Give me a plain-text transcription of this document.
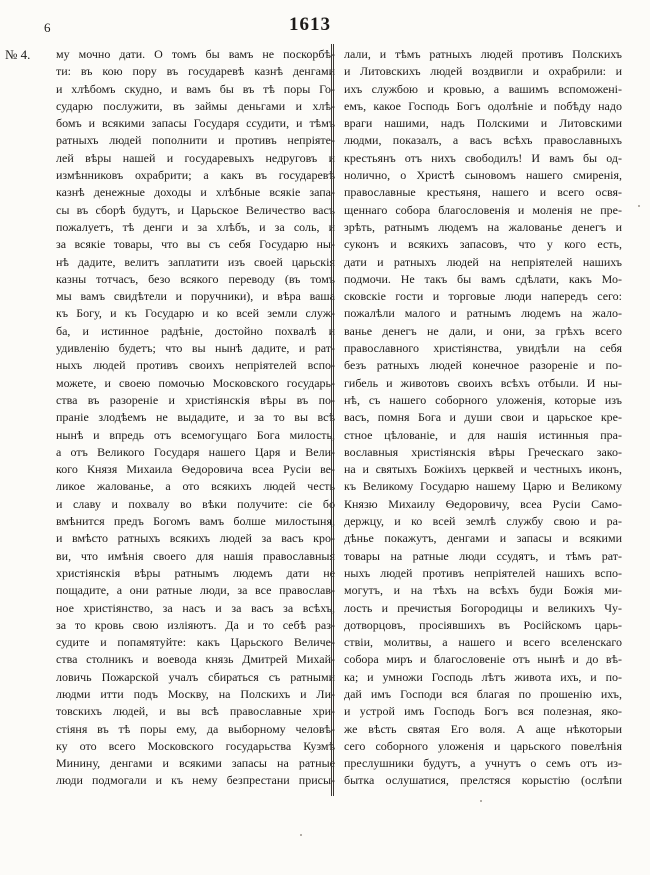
6	1613
№ 4.	му мочно дати. О томъ бы вамъ не поскорбѣ-
ти: въ кою пору въ государевѣ казнѣ денгами
и хлѣбомъ скудно, и вамъ бы въ тѣ поры Го-
сударю послужити, въ займы деньгами и хлѣ-
бомъ и всякими запасы Государя ссудити, и тѣмъ
ратныхъ людей пополнити и противъ непріяте-
лей вѣры нашей и государевыхъ недруговъ и
измѣнниковъ охрабрити; а какъ въ государевѣ
казнѣ денежные доходы и хлѣбные всякіе запа-
сы въ сборѣ будутъ, и Царьское Величество васъ
пожалуетъ, тѣ денги и за хлѣбъ, и за соль, и
за всякіе товары, что вы съ себя Государю ны-
нѣ дадите, велитъ заплатити изъ своей царьскія
казны тотчасъ, безо всякого переводу (въ томъ
мы вамъ свидѣтели и поручники), и вѣра ваша
къ Богу, и къ Государю и ко всей земли служ-
ба, и истинное радѣніе, достойно похвалѣ и
удивленію будетъ; что вы нынѣ дадите, и рат-
ныхъ людей противъ своихъ непріятелей вспо-
можете, и своею помочью Московского государь-
ства въ разореніе и христіянскія вѣры въ по-
праніе злодѣемъ не выдадите, и за то вы всѣ
нынѣ и впредь отъ всемогущаго Бога милость,
а отъ Великого Государя нашего Царя и Вели-
кого Князя Михаила Ѳедоровича всеа Русіи ве-
ликое жалованье, а ото всякихъ людей честь
и славу и похвалу во вѣки получите: сіе бо
вмѣнится предъ Богомъ вамъ болше милостыня,
и вмѣсто ратныхъ всякихъ людей за васъ кро-
ви, что имѣнія своего для нашія православныя
христіянскія вѣры ратнымъ людемъ дати не
пощадите, а они ратные люди, за все православ-
ное христіянство, за насъ и за васъ за всѣхъ,
за то кровь свою изліяютъ. Да и то себѣ раз-
судите и попамятуйте: какъ Царьского Величе-
ства столникъ и воевода князь Дмитрей Михай-
ловичь Пожарской учалъ сбираться съ ратными
людми итти подъ Москву, на Полскихъ и Ли-
товскихъ людей, и вы всѣ православные хри-
стіяня въ тѣ поры ему, да выборному человѣ-
ку ото всего Московского государьства Кузмѣ
Минину, денгами и всякими запасы на ратные
люди подмогали и къ нему безпрестани присы-
лали, и тѣмъ ратныхъ людей противъ Полскихъ
и Литовскихъ людей воздвигли и охрабрили: и
ихъ службою и кровью, а вашимъ вспоможені-
емъ, какое Господь Богъ одолѣніе и побѣду надо
враги нашими, надъ Полскими и Литовскими
людми, показалъ, а васъ всѣхъ православныхъ
крестьянъ отъ нихъ свободилъ! И вамъ бы од-
нолично, о Христѣ сыновомъ нашего смиренія,
православные крестьяня, нашего и всего освя-
щеннаго собора благословенія и моленія не пре-
зрѣть, ратнымъ людемъ на жалованье денегъ и
суконъ и всякихъ запасовъ, что у кого есть,
дати и ратныхъ людей на непріятелей нашихъ
подмочи. Не такъ бы вамъ сдѣлати, какъ Мо-
сковскіе гости и торговые люди напередъ сего:
пожалѣли малого и ратнымъ людемъ на жало-
ванье денегъ не дали, и они, за грѣхъ всего
православного христіянства, увидѣли на себя
безъ ратныхъ людей конечное разореніе и по-
гибель и животовъ своихъ всѣхъ отбыли. И ны-
нѣ, съ нашего соборного уложенія, которые изъ
васъ, помня Бога и души свои и царьское кре-
стное цѣлованіе, и для нашія истинныя пра-
вославныя христіянскія вѣры Греческаго зако-
на и святыхъ Божіихъ церквей и честныхъ иконъ,
къ Великому Государю нашему Царю и Великому
Князю Михаилу Ѳедоровичу, всеа Русіи Само-
держцу, и ко всей землѣ службу свою и ра-
дѣнье покажутъ, денгами и запасы и всякими
товары на ратные люди ссудятъ, и тѣмъ рат-
ныхъ людей противъ непріятелей нашихъ вспо-
могутъ, и на тѣхъ на всѣхъ буди Божія ми-
лость и пречистыя Богородицы и великихъ Чу-
дотворцовъ, просіявшихъ въ Російскомъ царь-
ствіи, молитвы, а нашего и всего вселенскаго
собора миръ и благословеніе отъ нынѣ и до вѣ-
ка; и умножи Господь лѣтъ живота ихъ, и по-
дай имъ Господи вся благая по прошенію ихъ,
и устрой имъ Господь Богъ вся полезная, яко-
же вѣсть святая Его воля. А аще нѣкоторыи
сего соборного уложенія и царьского повелѣнія
преслушники будутъ, а учнутъ о семъ отъ из-
бытка ослушатися, прелстяся корыстію (ослѣпи
